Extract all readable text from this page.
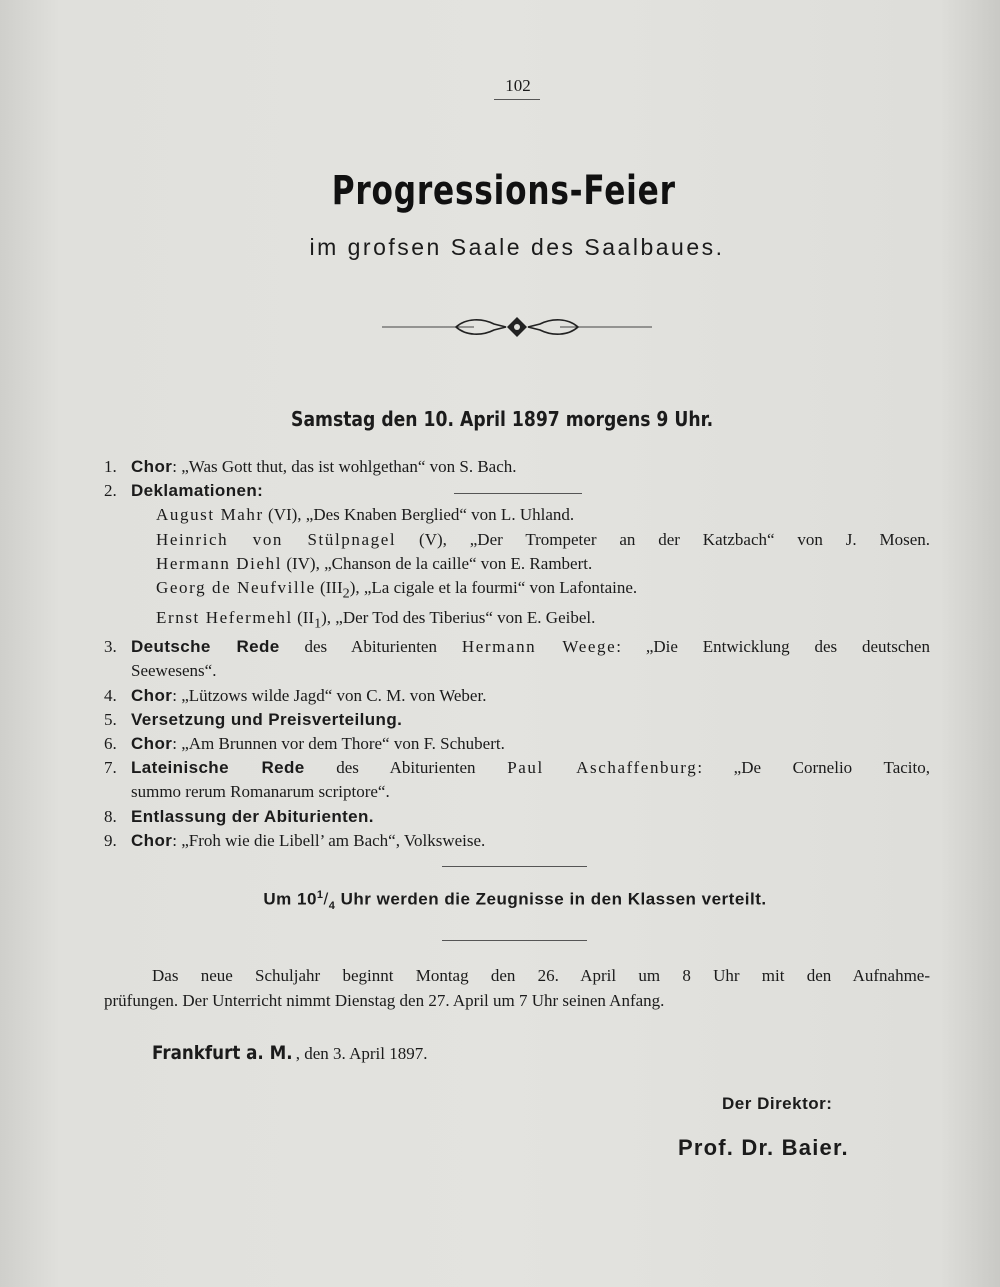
102
Progressions-Feier
im grofsen Saale des Saalbaues.
Samstag den 10. April 1897 morgens 9 Uhr.
1. Chor: „Was Gott thut, das ist wohlgethan“ von S. Bach.
2. Deklamationen:
August Mahr (VI), „Des Knaben Berglied“ von L. Uhland.
Heinrich von Stülpnagel (V), „Der Trompeter an der Katzbach“ von J. Mosen.
Hermann Diehl (IV), „Chanson de la caille“ von E. Rambert.
Georg de Neufville $(III_2)$, „La cigale et la fourmi“ von Lafontaine.
Ernst Hefermehl $(II_1)$, „Der Tod des Tiberius“ von E. Geibel.
3. Deutsche Rede des Abiturienten Hermann Weege: „Die Entwicklung des deutschen
Seewesens“.
4. Chor: „Lützows wilde Jagd“ von C. M. von Weber.
5. Versetzung und Preisverteilung.
6. Chor: „Am Brunnen vor dem Thore“ von F. Schubert.
7. Lateinische Rede des Abiturienten Paul Aschaffenburg: „De Cornelio Tacito,
summo rerum Romanarum scriptore“.
8. Entlassung der Abiturienten.
9. Chor: „Froh wie die Libell’ am Bach“, Volksweise.
Um $10^1/_4$ Uhr werden die Zeugnisse in den Klassen verteilt.
Das neue Schuljahr beginnt Montag den 26. April um 8 Uhr mit den Aufnahme-
prüfungen. Der Unterricht nimmt Dienstag den 27. April um 7 Uhr seinen Anfang.
Frankfurt a. M. , den 3. April 1897.
Der Direktor:
Prof. Dr. Baier.
